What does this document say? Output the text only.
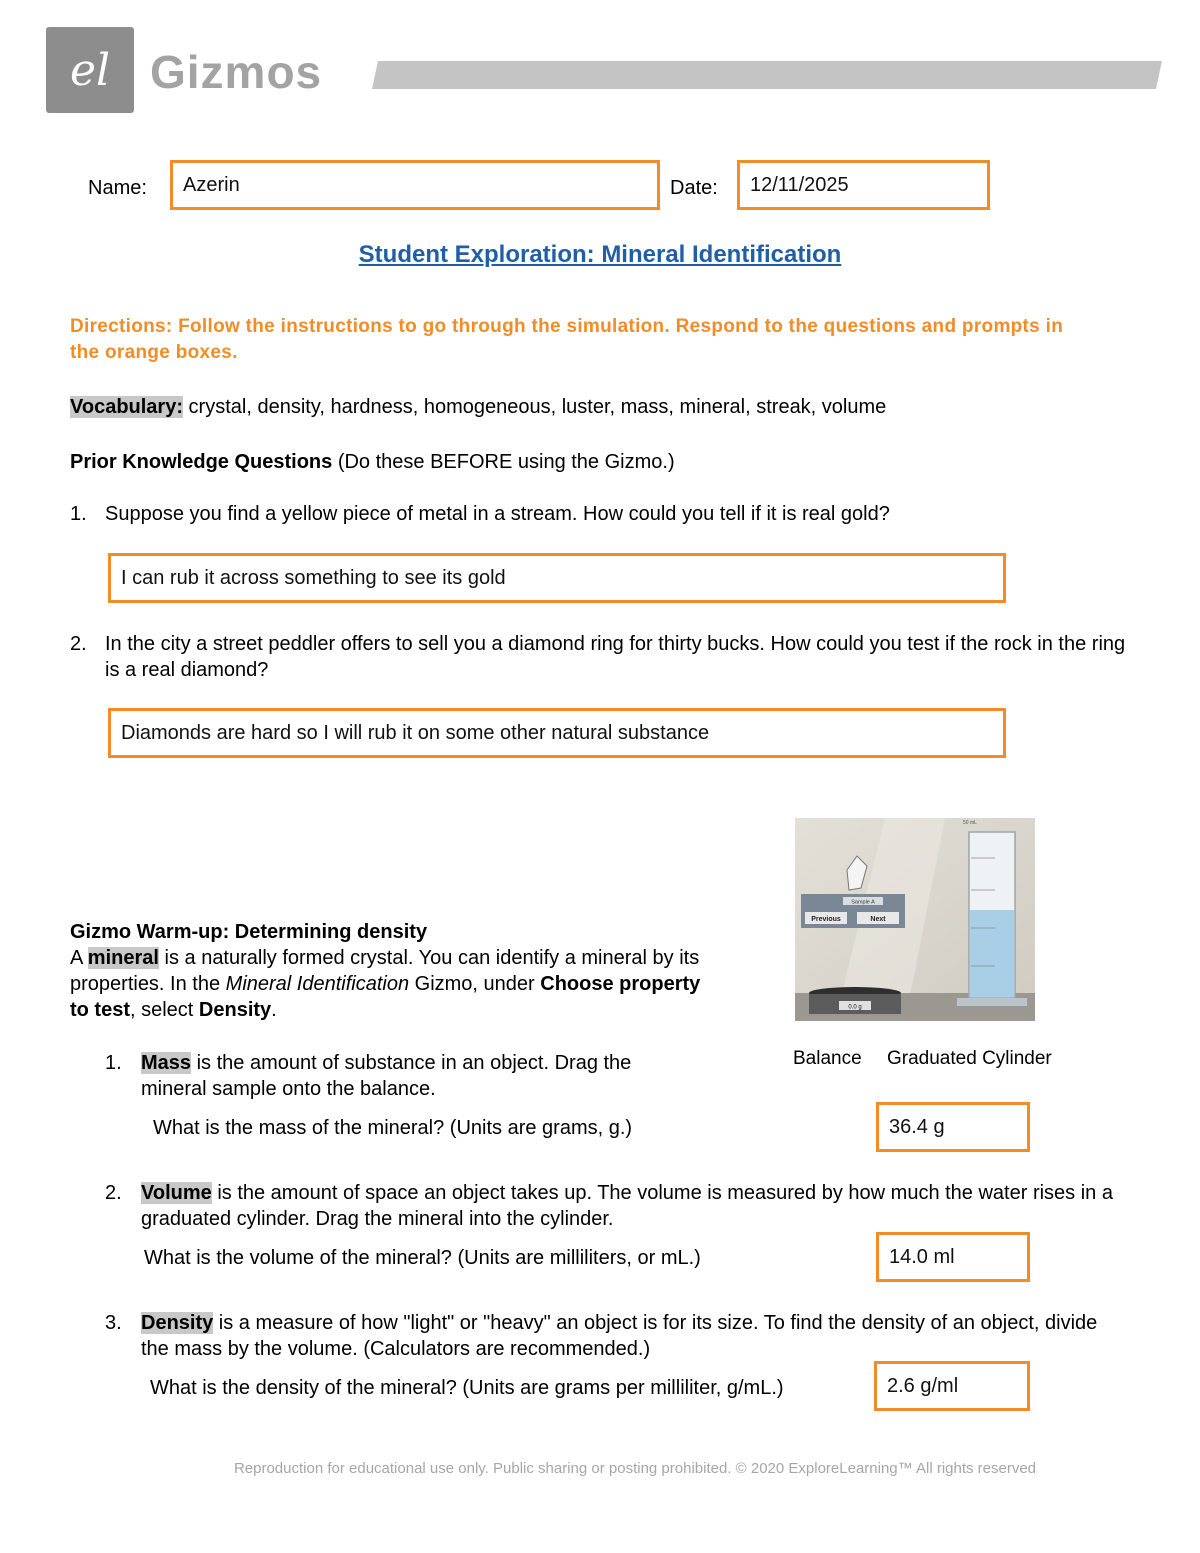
el Gizmos
Name:	Azerin	Date:	12/11/2025
Student Exploration: Mineral Identification
Directions: Follow the instructions to go through the simulation. Respond to the questions and prompts in the orange boxes.
Vocabulary: crystal, density, hardness, homogeneous, luster, mass, mineral, streak, volume
Prior Knowledge Questions (Do these BEFORE using the Gizmo.)
1. Suppose you find a yellow piece of metal in a stream. How could you tell if it is real gold?
I can rub it across something to see its gold
2. In the city a street peddler offers to sell you a diamond ring for thirty bucks. How could you test if the rock in the ring is a real diamond?
Diamonds are hard so I will rub it on some other natural substance
Sample A
Previous	Next
0.0 g
50 mL
Balance Graduated Cylinder
Gizmo Warm-up: Determining density
A mineral is a naturally formed crystal. You can identify a mineral by its properties. In the Mineral Identification Gizmo, under Choose property to test, select Density.
1. Mass is the amount of substance in an object. Drag the mineral sample onto the balance.
What is the mass of the mineral? (Units are grams, g.)	36.4 g
2. Volume is the amount of space an object takes up. The volume is measured by how much the water rises in a graduated cylinder. Drag the mineral into the cylinder.
What is the volume of the mineral? (Units are milliliters, or mL.)	14.0 ml
3. Density is a measure of how "light" or "heavy" an object is for its size. To find the density of an object, divide the mass by the volume. (Calculators are recommended.)
What is the density of the mineral? (Units are grams per milliliter, g/mL.)	2.6 g/ml
Reproduction for educational use only. Public sharing or posting prohibited. © 2020 ExploreLearning™ All rights reserved
